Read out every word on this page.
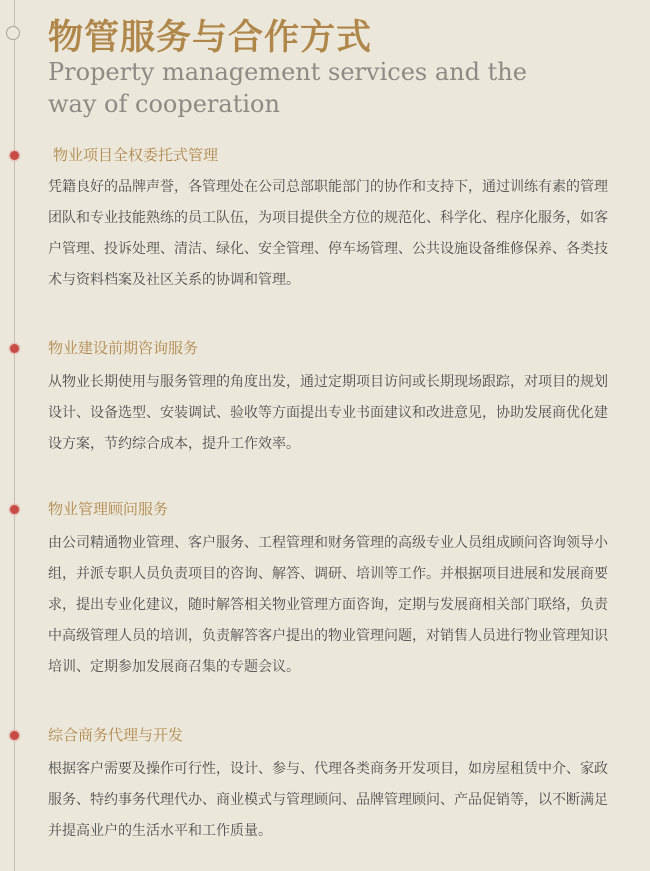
物管服务与合作方式
Property management services and the way of cooperation
物业项目全权委托式管理
凭籍良好的品牌声誉，各管理处在公司总部职能部门的协作和支持下，通过训练有素的管理团队和专业技能熟练的员工队伍，为项目提供全方位的规范化、科学化、程序化服务，如客户管理、投诉处理、清洁、绿化、安全管理、停车场管理、公共设施设备维修保养、各类技术与资料档案及社区关系的协调和管理。
物业建设前期咨询服务
从物业长期使用与服务管理的角度出发，通过定期项目访问或长期现场跟踪，对项目的规划设计、设备选型、安装调试、验收等方面提出专业书面建议和改进意见，协助发展商优化建设方案，节约综合成本，提升工作效率。
物业管理顾问服务
由公司精通物业管理、客户服务、工程管理和财务管理的高级专业人员组成顾问咨询领导小组，并派专职人员负责项目的咨询、解答、调研、培训等工作。并根据项目进展和发展商要求，提出专业化建议，随时解答相关物业管理方面咨询，定期与发展商相关部门联络，负责中高级管理人员的培训，负责解答客户提出的物业管理问题，对销售人员进行物业管理知识培训、定期参加发展商召集的专题会议。
综合商务代理与开发
根据客户需要及操作可行性，设计、参与、代理各类商务开发项目，如房屋租赁中介、家政服务、特约事务代理代办、商业模式与管理顾问、品牌管理顾问、产品促销等，以不断满足并提高业户的生活水平和工作质量。
